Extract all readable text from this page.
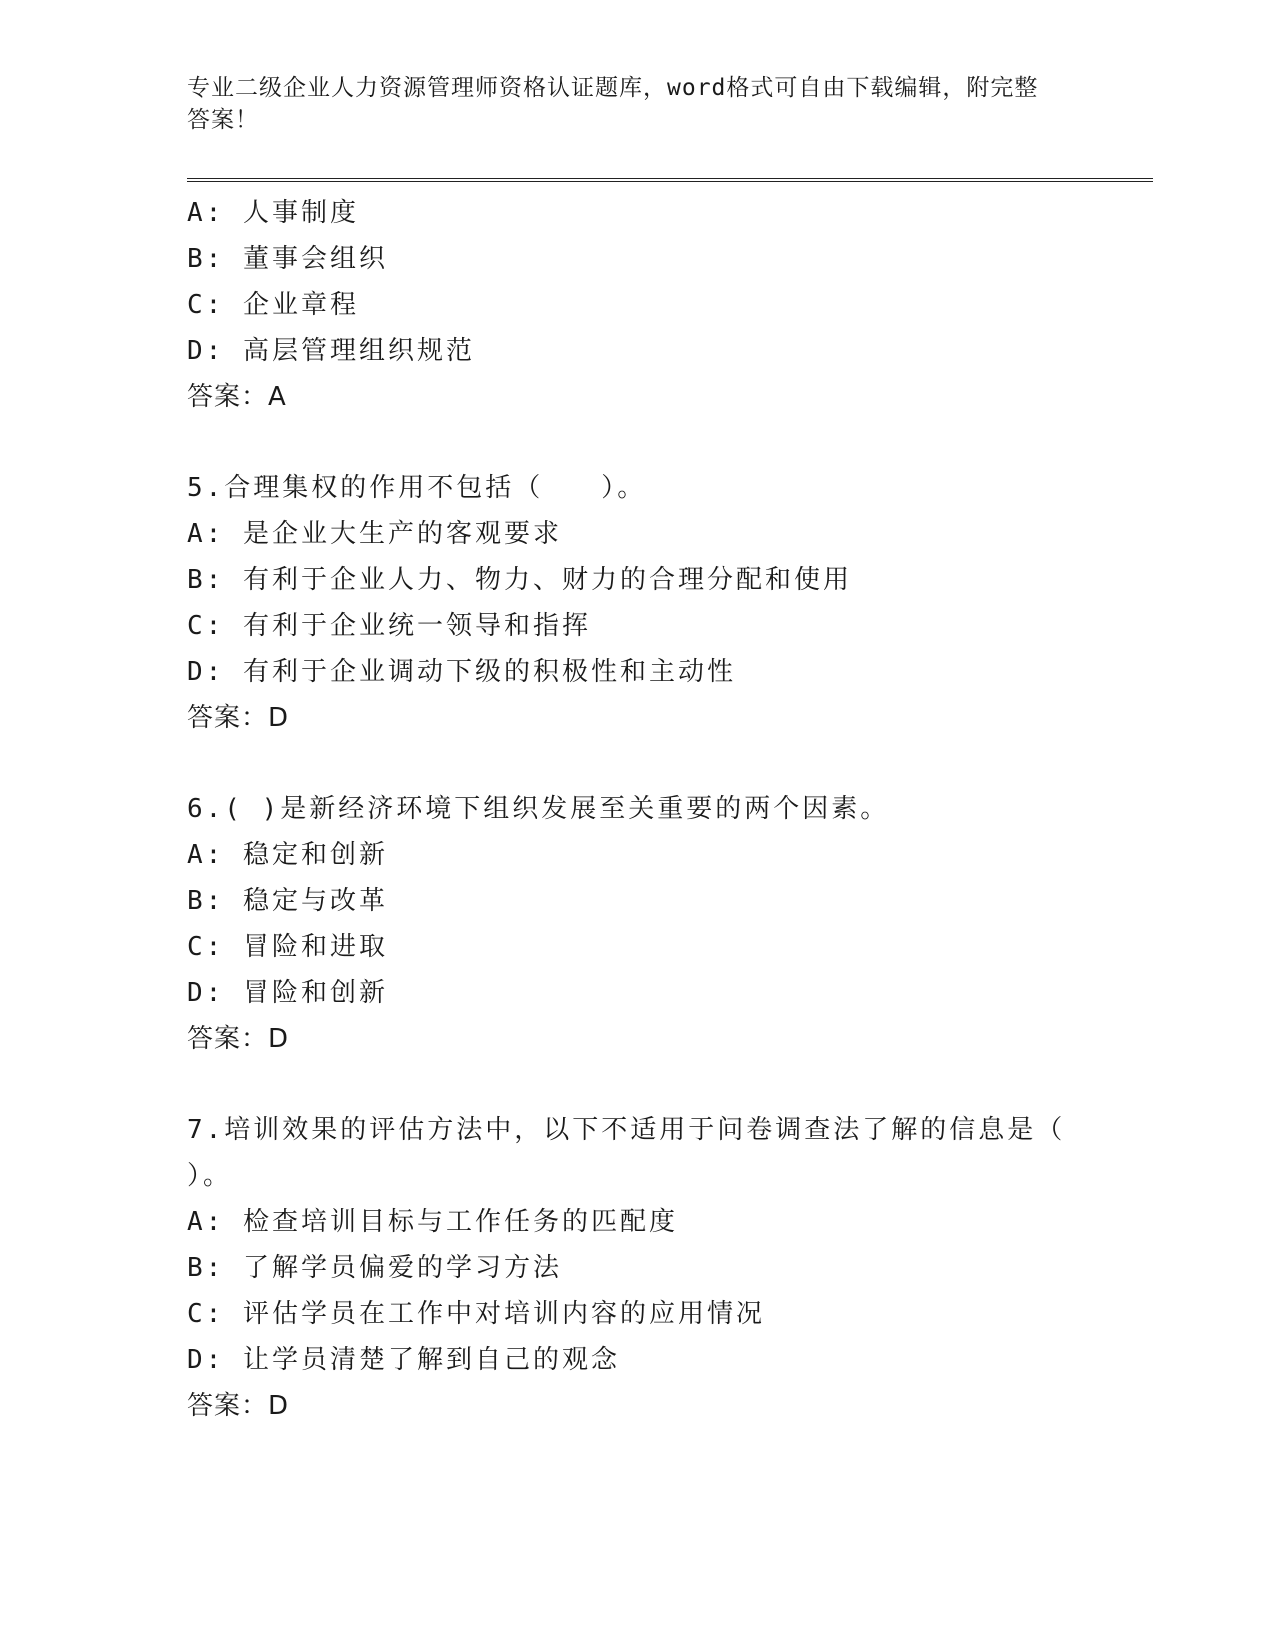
专业二级企业人力资源管理师资格认证题库，word格式可自由下载编辑，附完整
答案！
A: 人事制度
B: 董事会组织
C: 企业章程
D: 高层管理组织规范
答案：A
5.合理集权的作用不包括（　　）。
A: 是企业大生产的客观要求
B: 有利于企业人力、物力、财力的合理分配和使用
C: 有利于企业统一领导和指挥
D: 有利于企业调动下级的积极性和主动性
答案：D
6.( )是新经济环境下组织发展至关重要的两个因素。
A: 稳定和创新
B: 稳定与改革
C: 冒险和进取
D: 冒险和创新
答案：D
7.培训效果的评估方法中，以下不适用于问卷调查法了解的信息是（
）。
A: 检查培训目标与工作任务的匹配度
B: 了解学员偏爱的学习方法
C: 评估学员在工作中对培训内容的应用情况
D: 让学员清楚了解到自己的观念
答案：D
